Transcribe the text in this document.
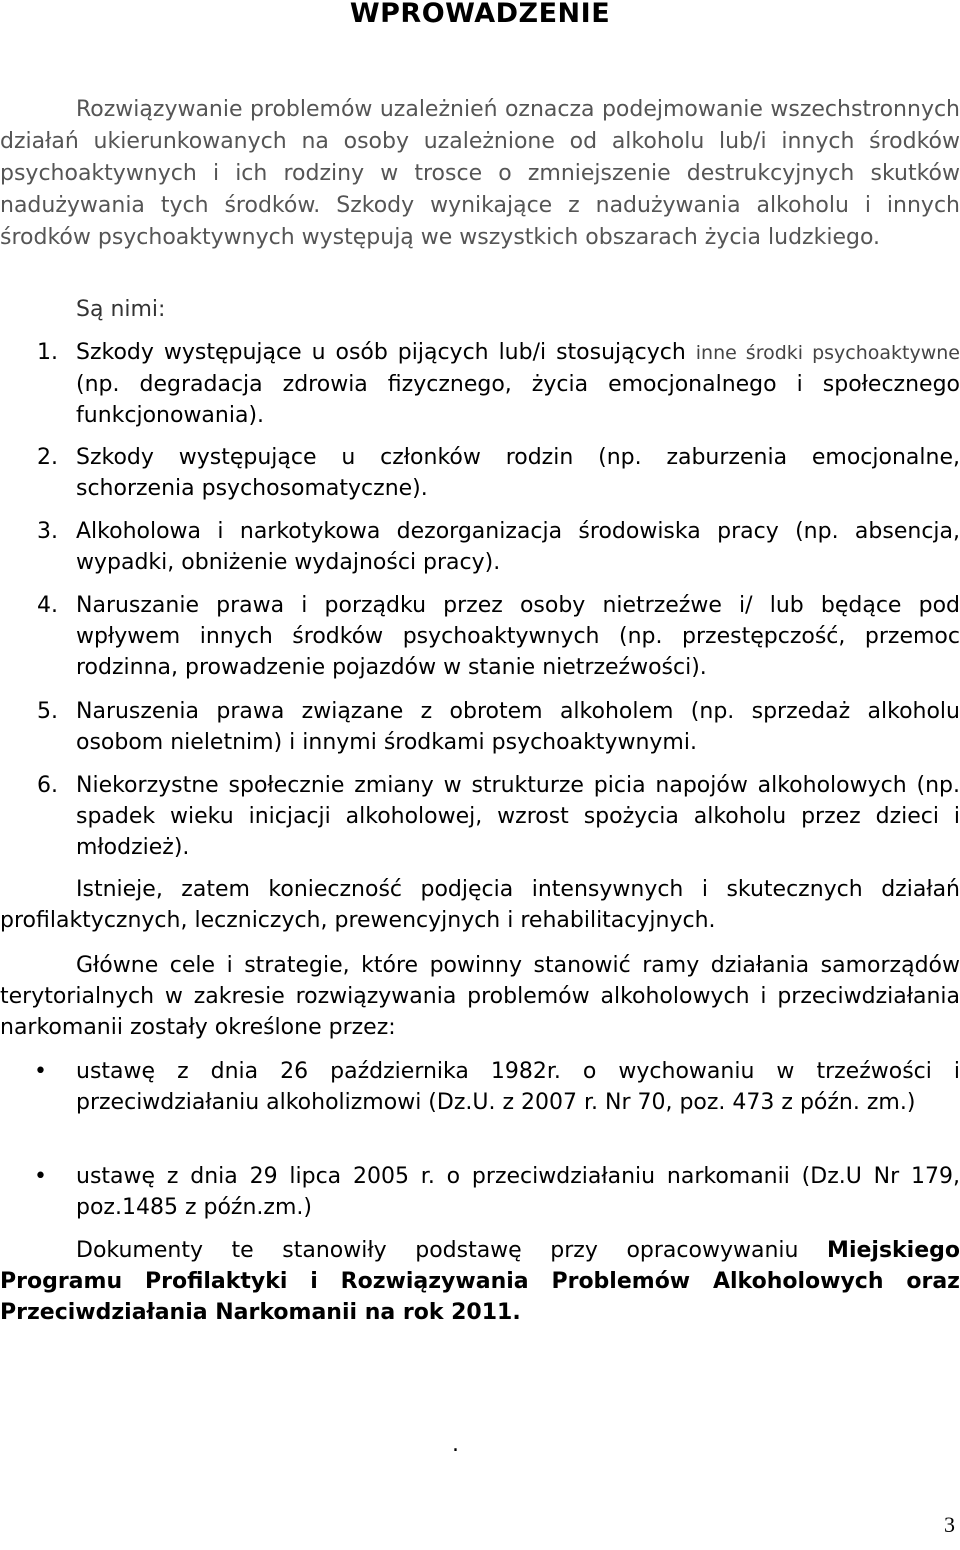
WPROWADZENIE

Rozwiązywanie problemów uzależnień oznacza podejmowanie wszechstronnych działań ukierunkowanych na osoby uzależnione od alkoholu lub/i innych środków psychoaktywnych i ich rodziny w trosce o zmniejszenie destrukcyjnych skutków nadużywania tych środków. Szkody wynikające z nadużywania alkoholu i innych środków psychoaktywnych występują we wszystkich obszarach życia ludzkiego.

Są nimi:
1. Szkody występujące u osób pijących lub/i stosujących inne środki psychoaktywne (np. degradacja zdrowia fizycznego, życia emocjonalnego i społecznego funkcjonowania).
2. Szkody występujące u członków rodzin (np. zaburzenia emocjonalne, schorzenia psychosomatyczne).
3. Alkoholowa i narkotykowa dezorganizacja środowiska pracy (np. absencja, wypadki, obniżenie wydajności pracy).
4. Naruszanie prawa i porządku przez osoby nietrzeźwe i/ lub będące pod wpływem innych środków psychoaktywnych (np. przestępczość, przemoc rodzinna, prowadzenie pojazdów w stanie nietrzeźwości).
5. Naruszenia prawa związane z obrotem alkoholem (np. sprzedaż alkoholu osobom nieletnim) i innymi środkami psychoaktywnymi.
6. Niekorzystne społecznie zmiany w strukturze picia napojów alkoholowych (np. spadek wieku inicjacji alkoholowej, wzrost spożycia alkoholu przez dzieci i młodzież).

Istnieje, zatem konieczność podjęcia intensywnych i skutecznych działań profilaktycznych, leczniczych, prewencyjnych i rehabilitacyjnych.

Główne cele i strategie, które powinny stanowić ramy działania samorządów terytorialnych w zakresie rozwiązywania problemów alkoholowych i przeciwdziałania narkomanii zostały określone przez:

• ustawę z dnia 26 października 1982r. o wychowaniu w trzeźwości i przeciwdziałaniu alkoholizmowi (Dz.U. z 2007 r. Nr 70, poz. 473 z późn. zm.)
• ustawę z dnia 29 lipca 2005 r. o przeciwdziałaniu narkomanii (Dz.U Nr 179, poz.1485 z późn.zm.)

Dokumenty te stanowiły podstawę przy opracowywaniu Miejskiego Programu Profilaktyki i Rozwiązywania Problemów Alkoholowych oraz Przeciwdziałania Narkomanii na rok 2011.

.
3
